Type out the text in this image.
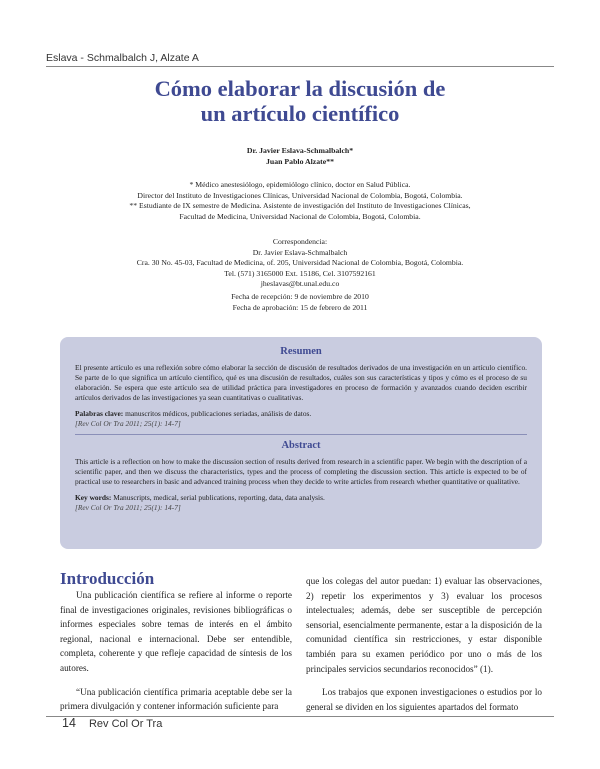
Eslava - Schmalbalch J, Alzate A
Cómo elaborar la discusión de
un artículo científico
Dr. Javier Eslava-Schmalbalch*
Juan Pablo Alzate**
* Médico anestesiólogo, epidemiólogo clínico, doctor en Salud Pública.
Director del Instituto de Investigaciones Clínicas, Universidad Nacional de Colombia, Bogotá, Colombia.
** Estudiante de IX semestre de Medicina. Asistente de investigación del Instituto de Investigaciones Clínicas,
Facultad de Medicina, Universidad Nacional de Colombia, Bogotá, Colombia.
Correspondencia:
Dr. Javier Eslava-Schmalbalch
Cra. 30 No. 45-03, Facultad de Medicina, of. 205, Universidad Nacional de Colombia, Bogotá, Colombia.
Tel. (571) 3165000 Ext. 15186, Cel. 3107592161
jheslavas@bt.unal.edu.co
Fecha de recepción: 9 de noviembre de 2010
Fecha de aprobación: 15 de febrero de 2011
Resumen
El presente artículo es una reflexión sobre cómo elaborar la sección de discusión de resultados derivados de una investigación en un artículo científico. Se parte de lo que significa un artículo científico, qué es una discusión de resultados, cuáles son sus características y tipos y cómo es el proceso de su elaboración. Se espera que este artículo sea de utilidad práctica para investigadores en proceso de formación y avanzados cuando deciden escribir artículos derivados de las investigaciones ya sean cuantitativas o cualitativas.
Palabras clave: manuscritos médicos, publicaciones seriadas, análisis de datos.
[Rev Col Or Tra 2011; 25(1): 14-7]
Abstract
This article is a reflection on how to make the discussion section of results derived from research in a scientific paper. We begin with the description of a scientific paper, and then we discuss the characteristics, types and the process of completing the discussion section. This article is expected to be of practical use to researchers in basic and advanced training process when they decide to write articles from research whether quantitative or qualitative.
Key words: Manuscripts, medical, serial publications, reporting, data, data analysis.
[Rev Col Or Tra 2011; 25(1): 14-7]
Introducción

Una publicación científica se refiere al informe o reporte final de investigaciones originales, revisiones bibliográficas o informes especiales sobre temas de interés en el ámbito regional, nacional e internacional. Debe ser entendible, completa, coherente y que refleje capacidad de síntesis de los autores.

“Una publicación científica primaria aceptable debe ser la primera divulgación y contener información suficiente para

que los colegas del autor puedan: 1) evaluar las observaciones, 2) repetir los experimentos y 3) evaluar los procesos intelectuales; además, debe ser susceptible de percepción sensorial, esencialmente permanente, estar a la disposición de la comunidad científica sin restricciones, y estar disponible también para su examen periódico por uno o más de los principales servicios secundarios reconocidos” (1).

Los trabajos que exponen investigaciones o estudios por lo general se dividen en los siguientes apartados del formato

14 Rev Col Or Tra
